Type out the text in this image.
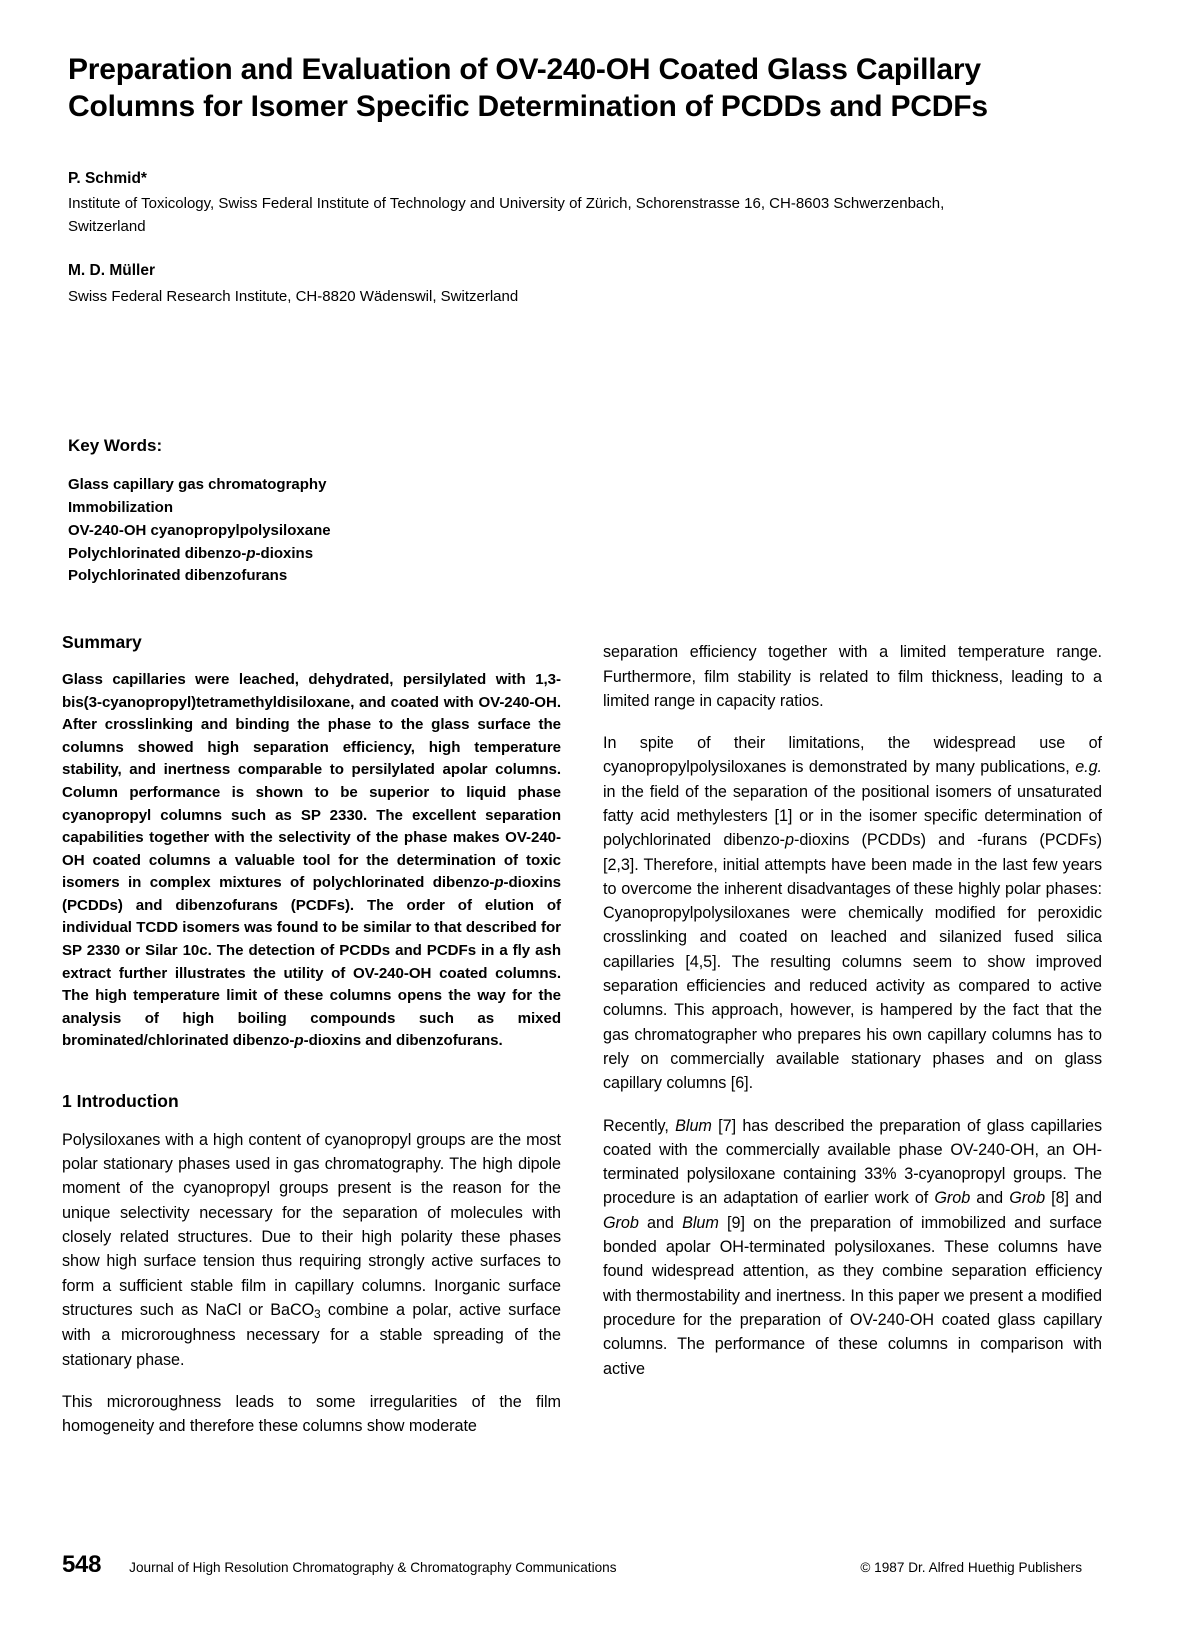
Preparation and Evaluation of OV-240-OH Coated Glass Capillary Columns for Isomer Specific Determination of PCDDs and PCDFs
P. Schmid*
Institute of Toxicology, Swiss Federal Institute of Technology and University of Zürich, Schorenstrasse 16, CH-8603 Schwerzenbach, Switzerland
M. D. Müller
Swiss Federal Research Institute, CH-8820 Wädenswil, Switzerland
Key Words:
Glass capillary gas chromatography
Immobilization
OV-240-OH cyanopropylpolysiloxane
Polychlorinated dibenzo-p-dioxins
Polychlorinated dibenzofurans
Summary

Glass capillaries were leached, dehydrated, persilylated with 1,3-bis(3-cyanopropyl)tetramethyldisiloxane, and coated with OV-240-OH. After crosslinking and binding the phase to the glass surface the columns showed high separation efficiency, high temperature stability, and inertness comparable to persilylated apolar columns. Column performance is shown to be superior to liquid phase cyanopropyl columns such as SP 2330. The excellent separation capabilities together with the selectivity of the phase makes OV-240-OH coated columns a valuable tool for the determination of toxic isomers in complex mixtures of polychlorinated dibenzo-p-dioxins (PCDDs) and dibenzofurans (PCDFs). The order of elution of individual TCDD isomers was found to be similar to that described for SP 2330 or Silar 10c. The detection of PCDDs and PCDFs in a fly ash extract further illustrates the utility of OV-240-OH coated columns. The high temperature limit of these columns opens the way for the analysis of high boiling compounds such as mixed brominated/chlorinated dibenzo-p-dioxins and dibenzofurans.

1 Introduction

Polysiloxanes with a high content of cyanopropyl groups are the most polar stationary phases used in gas chromatography. The high dipole moment of the cyanopropyl groups present is the reason for the unique selectivity necessary for the separation of molecules with closely related structures. Due to their high polarity these phases show high surface tension thus requiring strongly active surfaces to form a sufficient stable film in capillary columns. Inorganic surface structures such as NaCl or BaCO$_3$ combine a polar, active surface with a microroughness necessary for a stable spreading of the stationary phase.

This microroughness leads to some irregularities of the film homogeneity and therefore these columns show moderate

separation efficiency together with a limited temperature range. Furthermore, film stability is related to film thickness, leading to a limited range in capacity ratios.

In spite of their limitations, the widespread use of cyanopropylpolysiloxanes is demonstrated by many publications, e.g. in the field of the separation of the positional isomers of unsaturated fatty acid methylesters [1] or in the isomer specific determination of polychlorinated dibenzo-p-dioxins (PCDDs) and -furans (PCDFs) [2,3]. Therefore, initial attempts have been made in the last few years to overcome the inherent disadvantages of these highly polar phases: Cyanopropylpolysiloxanes were chemically modified for peroxidic crosslinking and coated on leached and silanized fused silica capillaries [4,5]. The resulting columns seem to show improved separation efficiencies and reduced activity as compared to active columns. This approach, however, is hampered by the fact that the gas chromatographer who prepares his own capillary columns has to rely on commercially available stationary phases and on glass capillary columns [6].

Recently, Blum [7] has described the preparation of glass capillaries coated with the commercially available phase OV-240-OH, an OH-terminated polysiloxane containing 33% 3-cyanopropyl groups. The procedure is an adaptation of earlier work of Grob and Grob [8] and Grob and Blum [9] on the preparation of immobilized and surface bonded apolar OH-terminated polysiloxanes. These columns have found widespread attention, as they combine separation efficiency with thermostability and inertness. In this paper we present a modified procedure for the preparation of OV-240-OH coated glass capillary columns. The performance of these columns in comparison with active

548 Journal of High Resolution Chromatography & Chromatography Communications	© 1987 Dr. Alfred Huethig Publishers
